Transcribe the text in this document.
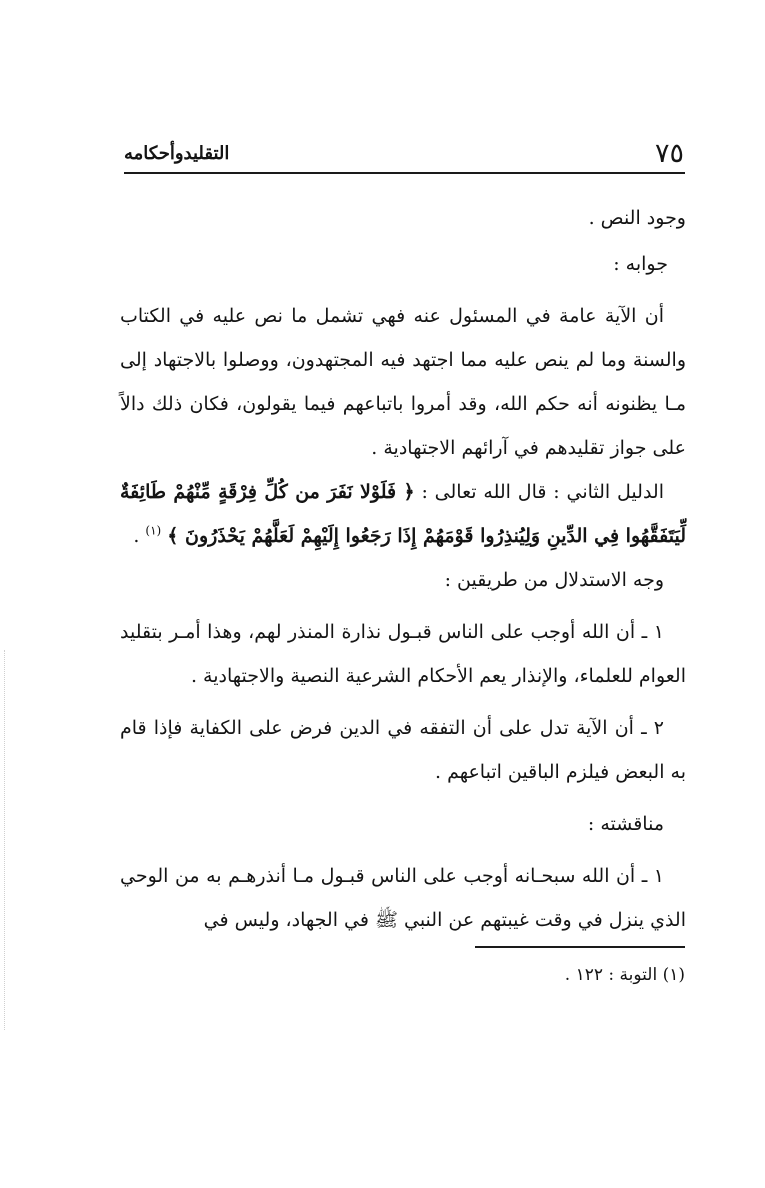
٧٥
التقليدوأحكامه

وجود النص .

جوابه :

أن الآية عامة في المسئول عنه فهي تشمل ما نص عليه في الكتاب والسنة وما لم ينص عليه مما اجتهد فيه المجتهدون، ووصلوا بالاجتهاد إلى مـا يظنونه أنه حكم الله، وقد أمروا باتباعهم فيما يقولون، فكان ذلك دالاً على جواز تقليدهم في آرائهم الاجتهادية .

الدليل الثاني : قال الله تعالى : ﴿ فَلَوْلا نَفَرَ من كُلِّ فِرْقَةٍ مِّنْهُمْ طَائِفَةٌ لِّيَتَفَقَّهُوا فِي الدِّينِ وَلِيُنذِرُوا قَوْمَهُمْ إِذَا رَجَعُوا إِلَيْهِمْ لَعَلَّهُمْ يَحْذَرُونَ ﴾ $^{(١)}$ .

وجه الاستدلال من طريقين :

١ ـ أن الله أوجب على الناس قبـول نذارة المنذر لهم، وهذا أمـر بتقليد العوام للعلماء، والإنذار يعم الأحكام الشرعية النصية والاجتهادية .

٢ ـ أن الآية تدل على أن التفقه في الدين فرض على الكفاية فإذا قام به البعض فيلزم الباقين اتباعهم .

مناقشته :

١ ـ أن الله سبحـانه أوجب على الناس قبـول مـا أنذرهـم به من الوحي الذي ينزل في وقت غيبتهم عن النبي ﷺ في الجهاد، وليس في

(١) التوبة : ١٢٢ .
